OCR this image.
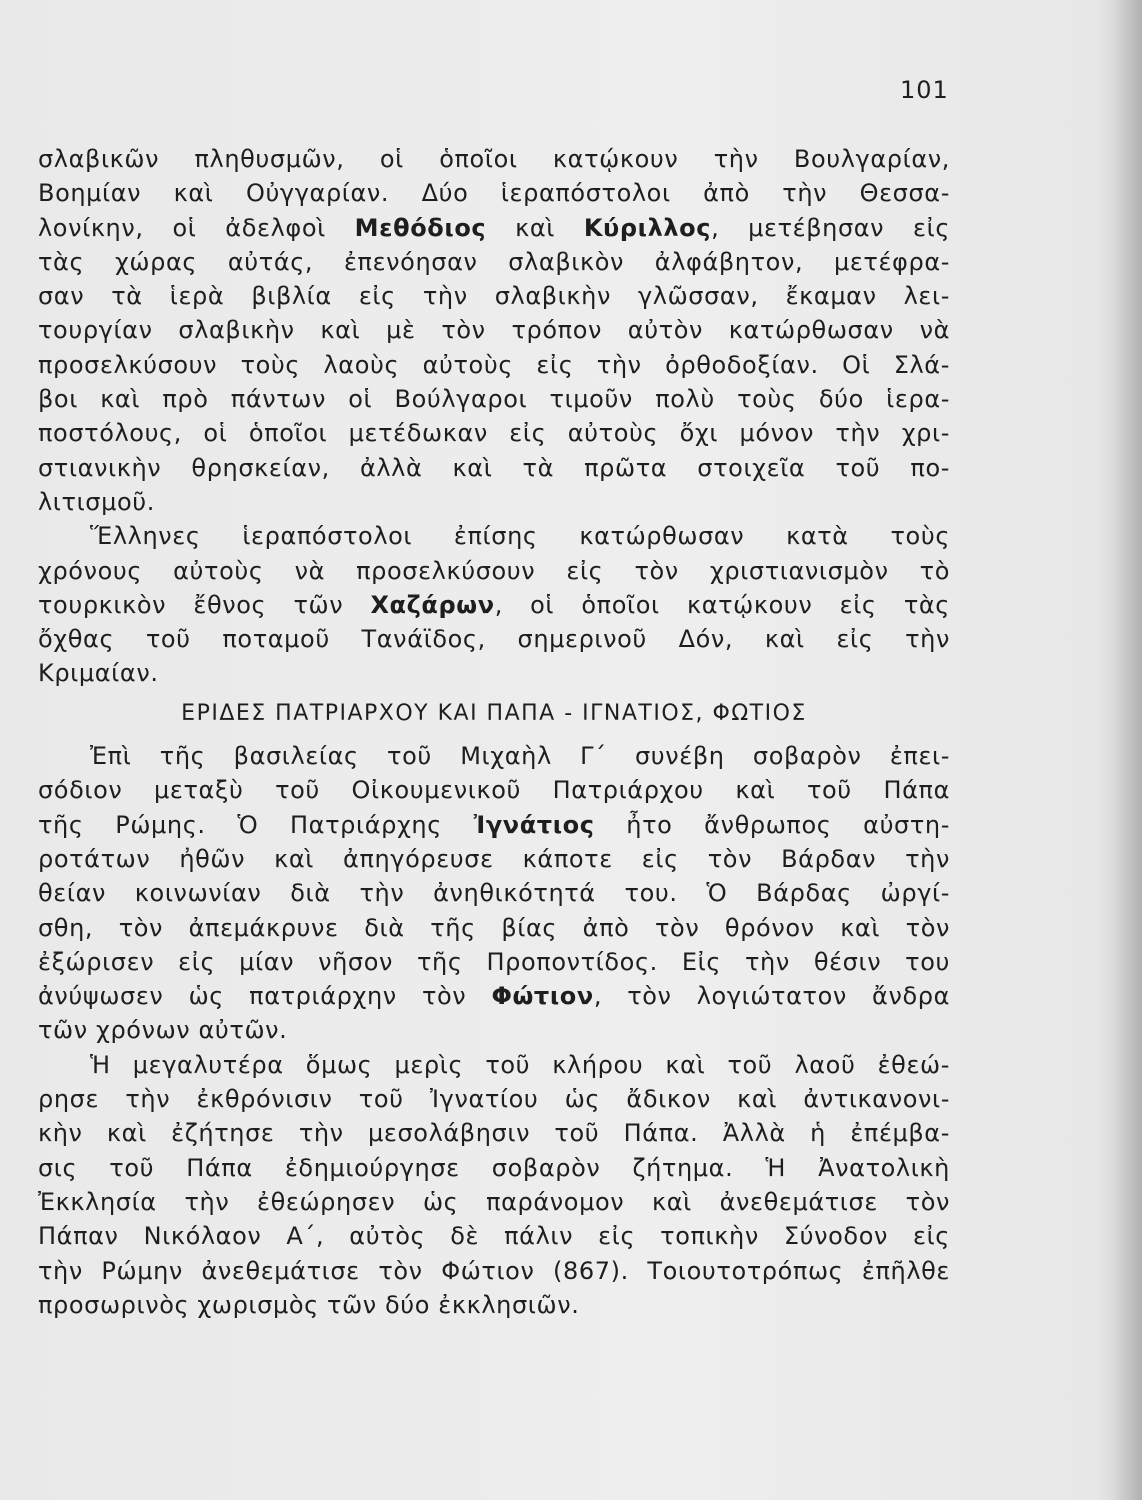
101
σλαβικῶν πληθυσμῶν, οἱ ὁποῖοι κατῴκουν τὴν Βουλγαρίαν,
Βοημίαν καὶ Οὐγγαρίαν. Δύο ἱεραπόστολοι ἀπὸ τὴν Θεσσα-
λονίκην, οἱ ἀδελφοὶ Μεθόδιος καὶ Κύριλλος, μετέβησαν εἰς
τὰς χώρας αὐτάς, ἐπενόησαν σλαβικὸν ἀλφάβητον, μετέφρα-
σαν τὰ ἱερὰ βιβλία εἰς τὴν σλαβικὴν γλῶσσαν, ἔκαμαν λει-
τουργίαν σλαβικὴν καὶ μὲ τὸν τρόπον αὐτὸν κατώρθωσαν νὰ
προσελκύσουν τοὺς λαοὺς αὐτοὺς εἰς τὴν ὀρθοδοξίαν. Οἱ Σλά-
βοι καὶ πρὸ πάντων οἱ Βούλγαροι τιμοῦν πολὺ τοὺς δύο ἱερα-
ποστόλους, οἱ ὁποῖοι μετέδωκαν εἰς αὐτοὺς ὄχι μόνον τὴν χρι-
στιανικὴν θρησκείαν, ἀλλὰ καὶ τὰ πρῶτα στοιχεῖα τοῦ πο-
λιτισμοῦ.
Ἕλληνες ἱεραπόστολοι ἐπίσης κατώρθωσαν κατὰ τοὺς
χρόνους αὐτοὺς νὰ προσελκύσουν εἰς τὸν χριστιανισμὸν τὸ
τουρκικὸν ἔθνος τῶν Χαζάρων, οἱ ὁποῖοι κατῴκουν εἰς τὰς
ὄχθας τοῦ ποταμοῦ Τανάϊδος, σημερινοῦ Δόν, καὶ εἰς τὴν
Κριμαίαν.
ΕΡΙΔΕΣ ΠΑΤΡΙΑΡΧΟΥ ΚΑΙ ΠΑΠΑ - ΙΓΝΑΤΙΟΣ, ΦΩΤΙΟΣ
Ἐπὶ τῆς βασιλείας τοῦ Μιχαὴλ Γ΄ συνέβη σοβαρὸν ἐπει-
σόδιον μεταξὺ τοῦ Οἰκουμενικοῦ Πατριάρχου καὶ τοῦ Πάπα
τῆς Ρώμης. Ὁ Πατριάρχης Ἰγνάτιος ἦτο ἄνθρωπος αὐστη-
ροτάτων ἠθῶν καὶ ἀπηγόρευσε κάποτε εἰς τὸν Βάρδαν τὴν
θείαν κοινωνίαν διὰ τὴν ἀνηθικότητά του. Ὁ Βάρδας ὠργί-
σθη, τὸν ἀπεμάκρυνε διὰ τῆς βίας ἀπὸ τὸν θρόνον καὶ τὸν
ἐξώρισεν εἰς μίαν νῆσον τῆς Προποντίδος. Εἰς τὴν θέσιν του
ἀνύψωσεν ὡς πατριάρχην τὸν Φώτιον, τὸν λογιώτατον ἄνδρα
τῶν χρόνων αὐτῶν.
Ἡ μεγαλυτέρα ὅμως μερὶς τοῦ κλήρου καὶ τοῦ λαοῦ ἐθεώ-
ρησε τὴν ἐκθρόνισιν τοῦ Ἰγνατίου ὡς ἄδικον καὶ ἀντικανονι-
κὴν καὶ ἐζήτησε τὴν μεσολάβησιν τοῦ Πάπα. Ἀλλὰ ἡ ἐπέμβα-
σις τοῦ Πάπα ἐδημιούργησε σοβαρὸν ζήτημα. Ἡ Ἀνατολικὴ
Ἐκκλησία τὴν ἐθεώρησεν ὡς παράνομον καὶ ἀνεθεμάτισε τὸν
Πάπαν Νικόλαον Α΄, αὐτὸς δὲ πάλιν εἰς τοπικὴν Σύνοδον εἰς
τὴν Ρώμην ἀνεθεμάτισε τὸν Φώτιον (867). Τοιουτοτρόπως ἐπῆλθε
προσωρινὸς χωρισμὸς τῶν δύο ἐκκλησιῶν.
